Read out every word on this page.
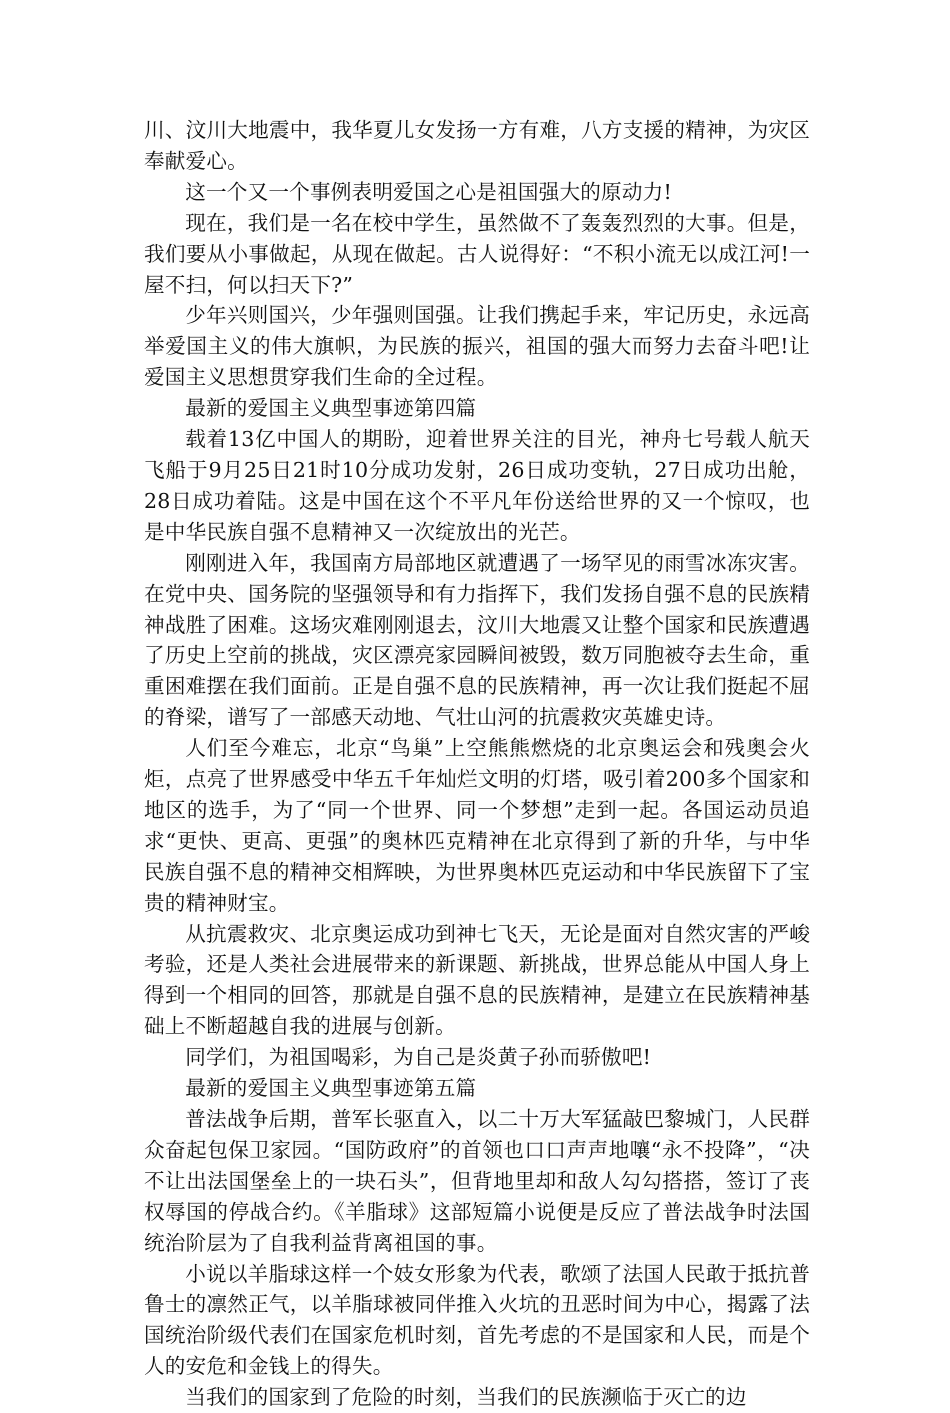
川、汶川大地震中，我华夏儿女发扬一方有难，八方支援的精神，为灾区奉献爱心。

这一个又一个事例表明爱国之心是祖国强大的原动力!

现在，我们是一名在校中学生，虽然做不了轰轰烈烈的大事。但是，我们要从小事做起，从现在做起。古人说得好：“不积小流无以成江河!一屋不扫，何以扫天下?”

少年兴则国兴，少年强则国强。让我们携起手来，牢记历史，永远高举爱国主义的伟大旗帜，为民族的振兴，祖国的强大而努力去奋斗吧!让爱国主义思想贯穿我们生命的全过程。

最新的爱国主义典型事迹第四篇

载着13亿中国人的期盼，迎着世界关注的目光，神舟七号载人航天飞船于9月25日21时10分成功发射，26日成功变轨，27日成功出舱，28日成功着陆。这是中国在这个不平凡年份送给世界的又一个惊叹，也是中华民族自强不息精神又一次绽放出的光芒。

刚刚进入年，我国南方局部地区就遭遇了一场罕见的雨雪冰冻灾害。在党中央、国务院的坚强领导和有力指挥下，我们发扬自强不息的民族精神战胜了困难。这场灾难刚刚退去，汶川大地震又让整个国家和民族遭遇了历史上空前的挑战，灾区漂亮家园瞬间被毁，数万同胞被夺去生命，重重困难摆在我们面前。正是自强不息的民族精神，再一次让我们挺起不屈的脊梁，谱写了一部感天动地、气壮山河的抗震救灾英雄史诗。

人们至今难忘，北京“鸟巢”上空熊熊燃烧的北京奥运会和残奥会火炬，点亮了世界感受中华五千年灿烂文明的灯塔，吸引着200多个国家和地区的选手，为了“同一个世界、同一个梦想”走到一起。各国运动员追求“更快、更高、更强”的奥林匹克精神在北京得到了新的升华，与中华民族自强不息的精神交相辉映，为世界奥林匹克运动和中华民族留下了宝贵的精神财宝。

从抗震救灾、北京奥运成功到神七飞天，无论是面对自然灾害的严峻考验，还是人类社会进展带来的新课题、新挑战，世界总能从中国人身上得到一个相同的回答，那就是自强不息的民族精神，是建立在民族精神基础上不断超越自我的进展与创新。

同学们，为祖国喝彩，为自己是炎黄子孙而骄傲吧!

最新的爱国主义典型事迹第五篇

普法战争后期，普军长驱直入，以二十万大军猛敲巴黎城门，人民群众奋起包保卫家园。“国防政府”的首领也口口声声地嚷“永不投降”，“决不让出法国堡垒上的一块石头”，但背地里却和敌人勾勾搭搭，签订了丧权辱国的停战合约。《羊脂球》这部短篇小说便是反应了普法战争时法国统治阶层为了自我利益背离祖国的事。

小说以羊脂球这样一个妓女形象为代表，歌颂了法国人民敢于抵抗普鲁士的凛然正气，以羊脂球被同伴推入火坑的丑恶时间为中心，揭露了法国统治阶级代表们在国家危机时刻，首先考虑的不是国家和人民，而是个人的安危和金钱上的得失。

当我们的国家到了危险的时刻，当我们的民族濒临于灭亡的边
